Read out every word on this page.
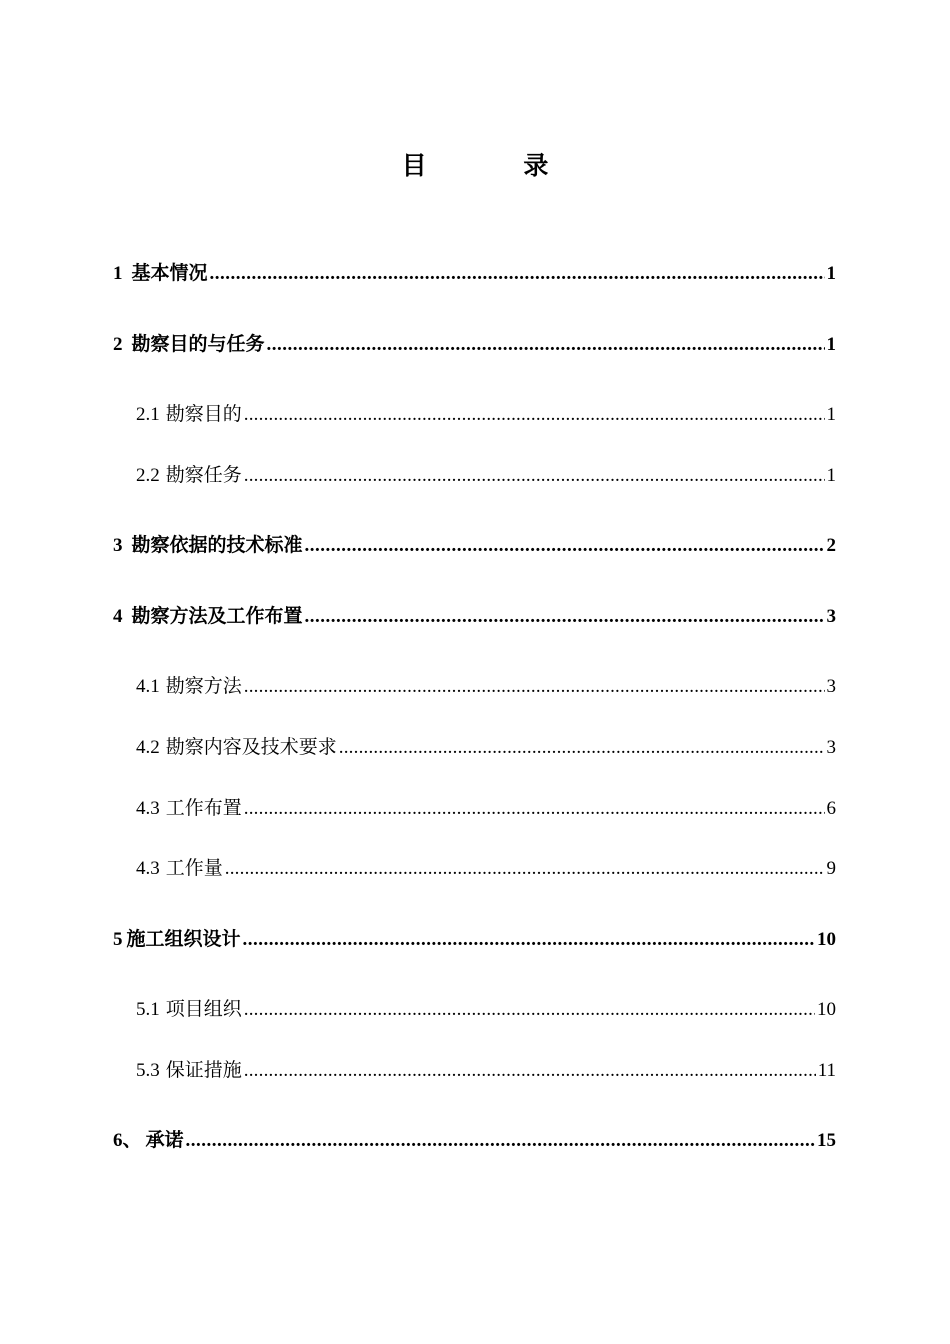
目 录
1 基本情况 .....	1
2 勘察目的与任务 .....	1
2.1 勘察目的 .....	1
2.2 勘察任务 .....	1
3 勘察依据的技术标准 .....	2
4 勘察方法及工作布置 .....	3
4.1 勘察方法 .....	3
4.2 勘察内容及技术要求 .....	3
4.3 工作布置 .....	6
4.3 工作量 .....	9
5 施工组织设计 .....	10
5.1 项目组织 .....	10
5.3 保证措施 .....	11
6、 承诺 .....	15
